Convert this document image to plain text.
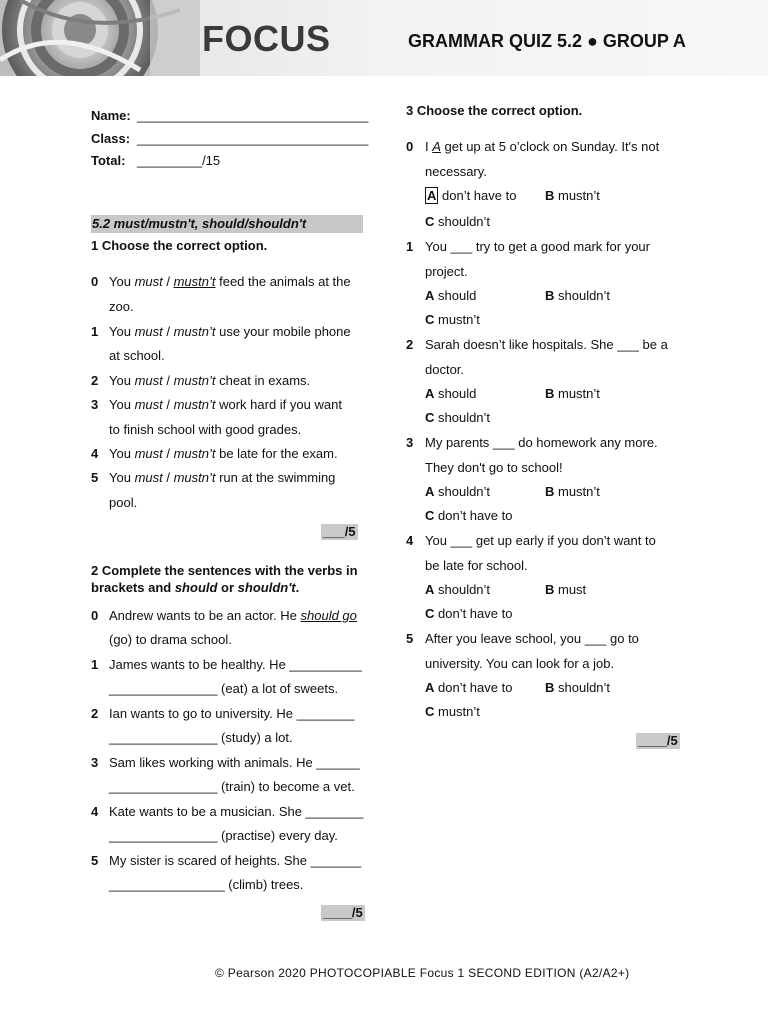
FOCUS	GRAMMAR QUIZ 5.2 ● GROUP A
Name: ________________________________
Class: ________________________________
Total: _________/15
5.2 must/mustn't, should/shouldn't
1 Choose the correct option.
0 You must / mustn’t feed the animals at the
zoo.
1 You must / mustn’t use your mobile phone
at school.
2 You must / mustn’t cheat in exams.
3 You must / mustn’t work hard if you want
to finish school with good grades.
4 You must / mustn’t be late for the exam.
5 You must / mustn’t run at the swimming
pool.
___/5
2 Complete the sentences with the verbs in
brackets and should or shouldn't.
0 Andrew wants to be an actor. He should go
(go) to drama school.
1 James wants to be healthy. He __________
_______________ (eat) a lot of sweets.
2 Ian wants to go to university. He ________
_______________ (study) a lot.
3 Sam likes working with animals. He ______
_______________ (train) to become a vet.
4 Kate wants to be a musician. She ________
_______________ (practise) every day.
5 My sister is scared of heights. She _______
________________ (climb) trees.
____/5
3 Choose the correct option.
0 I A get up at 5 o’clock on Sunday. It's not
necessary.
A don’t have to B mustn’t
C shouldn’t
1 You ___ try to get a good mark for your
project.
A should	B shouldn’t
C mustn’t
2 Sarah doesn’t like hospitals. She ___ be a
doctor.
A should	B mustn’t
C shouldn’t
3 My parents ___ do homework any more.
They don't go to school!
A shouldn’t	B mustn’t
C don’t have to
4 You ___ get up early if you don’t want to
be late for school.
A shouldn’t	B must
C don’t have to
5 After you leave school, you ___ go to
university. You can look for a job.
A don’t have to	B shouldn’t
C mustn’t
____/5
© Pearson 2020 PHOTOCOPIABLE Focus 1 SECOND EDITION (A2/A2+)
